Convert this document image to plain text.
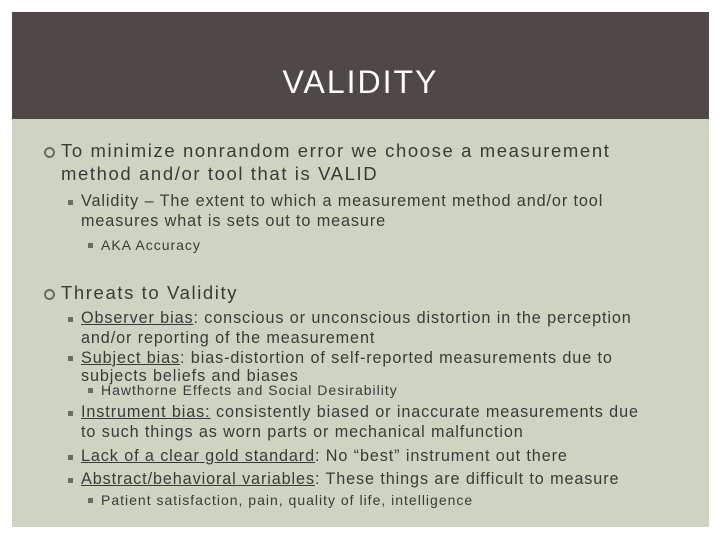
VALIDITY
To minimize nonrandom error we choose a measurement
method and/or tool that is VALID
Validity – The extent to which a measurement method and/or tool
measures what is sets out to measure
AKA Accuracy
Threats to Validity
Observer bias: conscious or unconscious distortion in the perception
and/or reporting of the measurement
Subject bias: bias-distortion of self-reported measurements due to
subjects beliefs and biases
Hawthorne Effects and Social Desirability
Instrument bias: consistently biased or inaccurate measurements due
to such things as worn parts or mechanical malfunction
Lack of a clear gold standard: No “best” instrument out there
Abstract/behavioral variables: These things are difficult to measure
Patient satisfaction, pain, quality of life, intelligence
